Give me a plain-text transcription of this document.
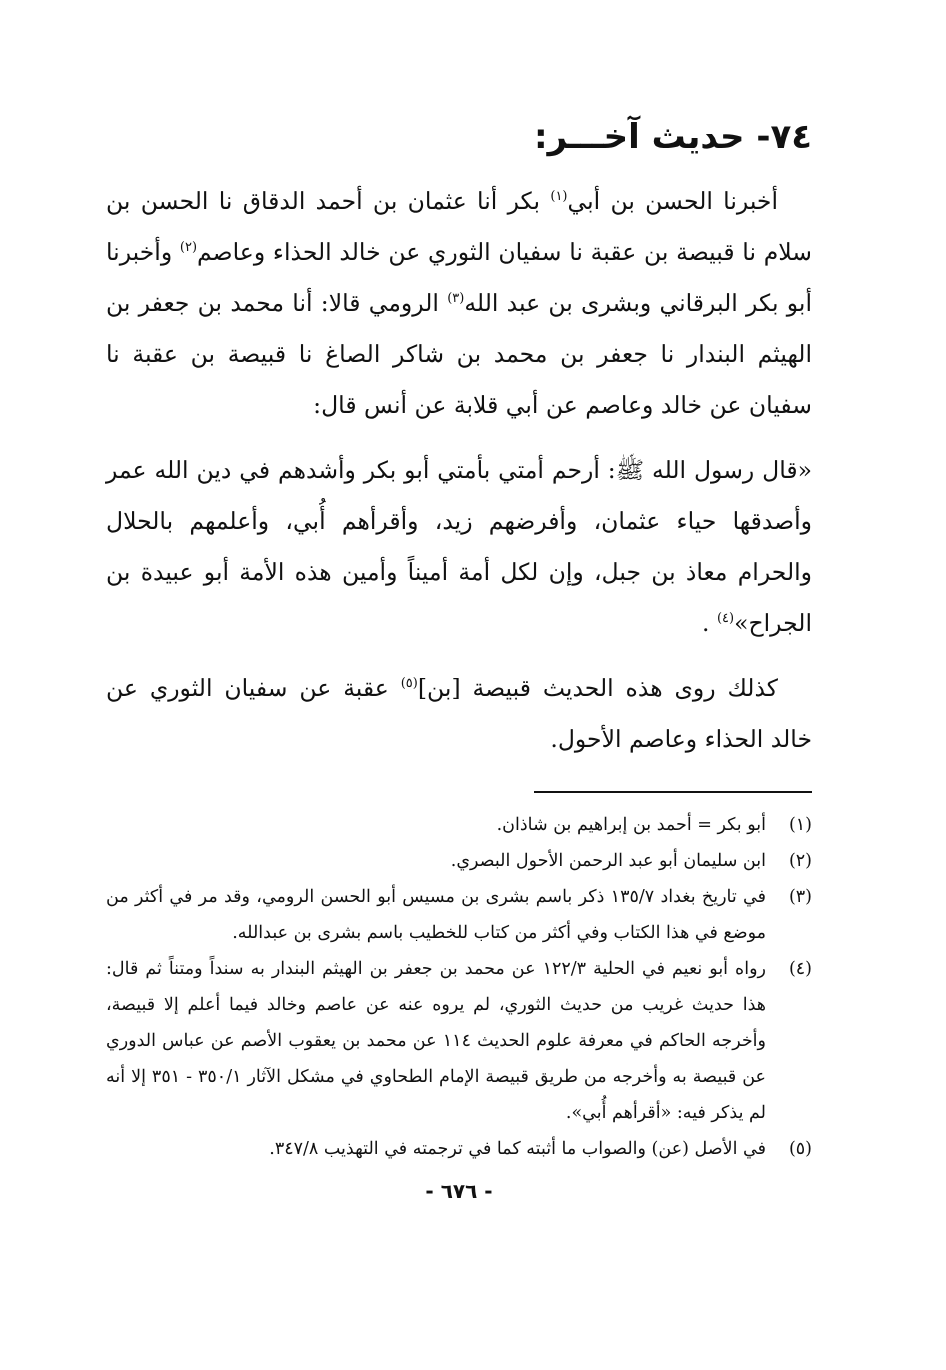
٧٤- حديث آخـــر:

أخبرنا الحسن بن أبي$^{(١)}$ بكر أنا عثمان بن أحمد الدقاق نا الحسن بن سلام نا قبيصة بن عقبة نا سفيان الثوري عن خالد الحذاء وعاصم$^{(٢)}$ وأخبرنا أبو بكر البرقاني وبشرى بن عبد الله$^{(٣)}$ الرومي قالا: أنا محمد بن جعفر بن الهيثم البندار نا جعفر بن محمد بن شاكر الصاغ نا قبيصة بن عقبة نا سفيان عن خالد وعاصم عن أبي قلابة عن أنس قال:

«قال رسول الله ﷺ: أرحم أمتي بأمتي أبو بكر وأشدهم في دين الله عمر وأصدقها حياء عثمان، وأفرضهم زيد، وأقرأهم أُبي، وأعلمهم بالحلال والحرام معاذ بن جبل، وإن لكل أمة أميناً وأمين هذه الأمة أبو عبيدة بن الجراح»$^{(٤)}$ .

كذلك روى هذه الحديث قبيصة [بن]$^{(٥)}$ عقبة عن سفيان الثوري عن خالد الحذاء وعاصم الأحول.

(١)
أبو بكر = أحمد بن إبراهيم بن شاذان.
(٢)
ابن سليمان أبو عبد الرحمن الأحول البصري.
(٣)
في تاريخ بغداد ١٣٥/٧ ذكر باسم بشرى بن مسيس أبو الحسن الرومي، وقد مر في أكثر من موضع في هذا الكتاب وفي أكثر من كتاب للخطيب باسم بشرى بن عبدالله.
(٤)
رواه أبو نعيم في الحلية ١٢٢/٣ عن محمد بن جعفر بن الهيثم البندار به سنداً ومتناً ثم قال: هذا حديث غريب من حديث الثوري، لم يروه عنه عن عاصم وخالد فيما أعلم إلا قبيصة، وأخرجه الحاكم في معرفة علوم الحديث ١١٤ عن محمد بن يعقوب الأصم عن عباس الدوري عن قبيصة به وأخرجه من طريق قبيصة الإمام الطحاوي في مشكل الآثار ٣٥٠/١ - ٣٥١ إلا أنه لم يذكر فيه: «أقرأهم أُبي».
(٥)
في الأصل (عن) والصواب ما أثبته كما في ترجمته في التهذيب ٣٤٧/٨.
- ٦٧٦ -
